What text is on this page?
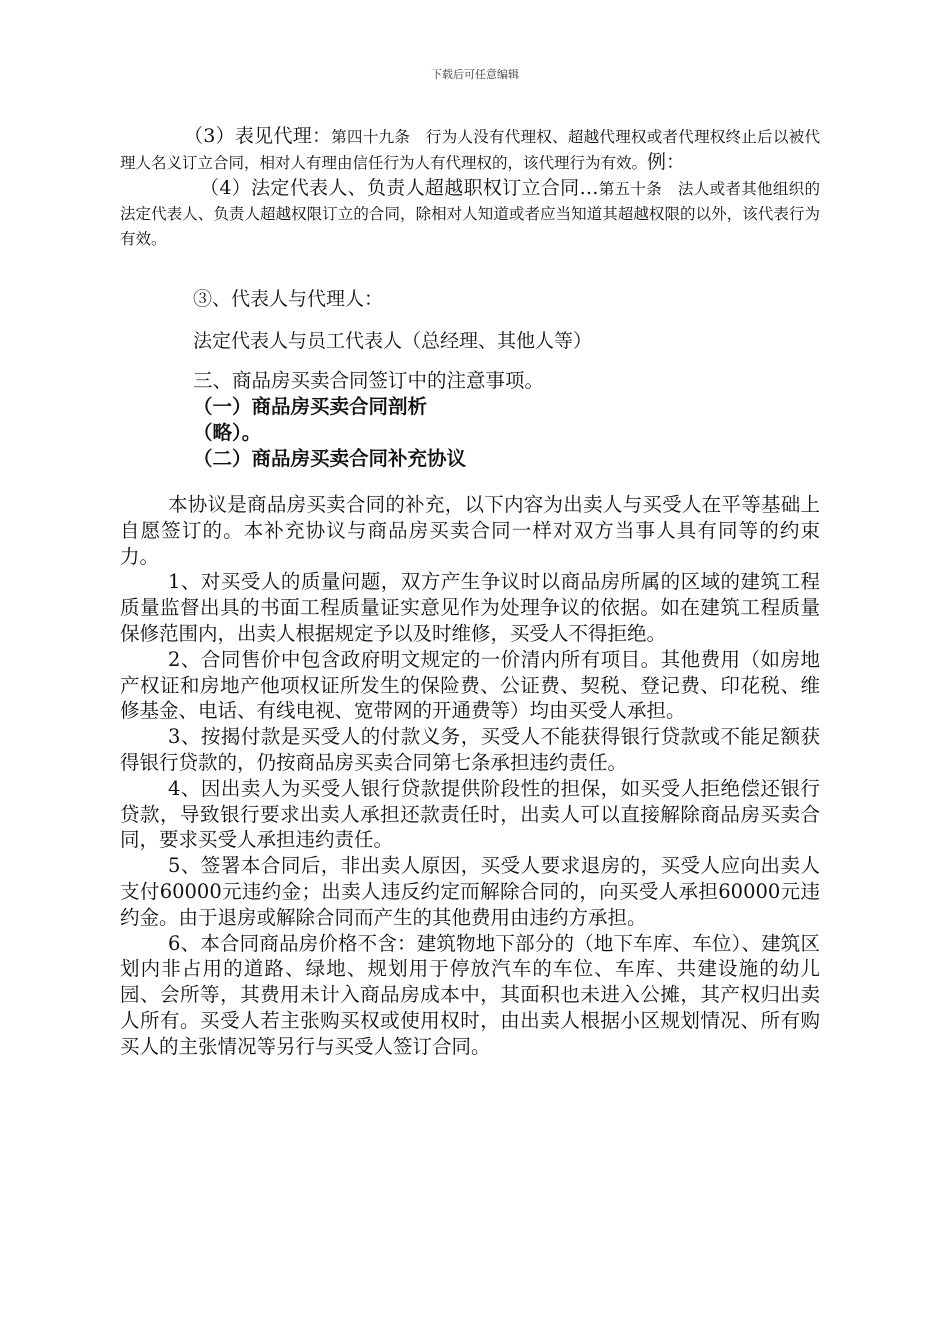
下载后可任意编辑

（3）表见代理：第四十九条　行为人没有代理权、超越代理权或者代理权终止后以被代理人名义订立合同，相对人有理由信任行为人有代理权的，该代理行为有效。例：

（4）法定代表人、负责人超越职权订立合同…第五十条　法人或者其他组织的法定代表人、负责人超越权限订立的合同，除相对人知道或者应当知道其超越权限的以外，该代表行为有效。

③、代表人与代理人：

法定代表人与员工代表人（总经理、其他人等）

三、商品房买卖合同签订中的注意事项。

（一）商品房买卖合同剖析

（略）。

（二）商品房买卖合同补充协议

本协议是商品房买卖合同的补充，以下内容为出卖人与买受人在平等基础上自愿签订的。本补充协议与商品房买卖合同一样对双方当事人具有同等的约束力。

1、对买受人的质量问题，双方产生争议时以商品房所属的区域的建筑工程质量监督出具的书面工程质量证实意见作为处理争议的依据。如在建筑工程质量保修范围内，出卖人根据规定予以及时维修，买受人不得拒绝。

2、合同售价中包含政府明文规定的一价清内所有项目。其他费用（如房地产权证和房地产他项权证所发生的保险费、公证费、契税、登记费、印花税、维修基金、电话、有线电视、宽带网的开通费等）均由买受人承担。

3、按揭付款是买受人的付款义务，买受人不能获得银行贷款或不能足额获得银行贷款的，仍按商品房买卖合同第七条承担违约责任。

4、因出卖人为买受人银行贷款提供阶段性的担保，如买受人拒绝偿还银行贷款，导致银行要求出卖人承担还款责任时，出卖人可以直接解除商品房买卖合同，要求买受人承担违约责任。

5、签署本合同后，非出卖人原因，买受人要求退房的，买受人应向出卖人支付60000元违约金；出卖人违反约定而解除合同的，向买受人承担60000元违约金。由于退房或解除合同而产生的其他费用由违约方承担。

6、本合同商品房价格不含：建筑物地下部分的（地下车库、车位）、建筑区划内非占用的道路、绿地、规划用于停放汽车的车位、车库、共建设施的幼儿园、会所等，其费用未计入商品房成本中，其面积也未进入公摊，其产权归出卖人所有。买受人若主张购买权或使用权时，由出卖人根据小区规划情况、所有购买人的主张情况等另行与买受人签订合同。
